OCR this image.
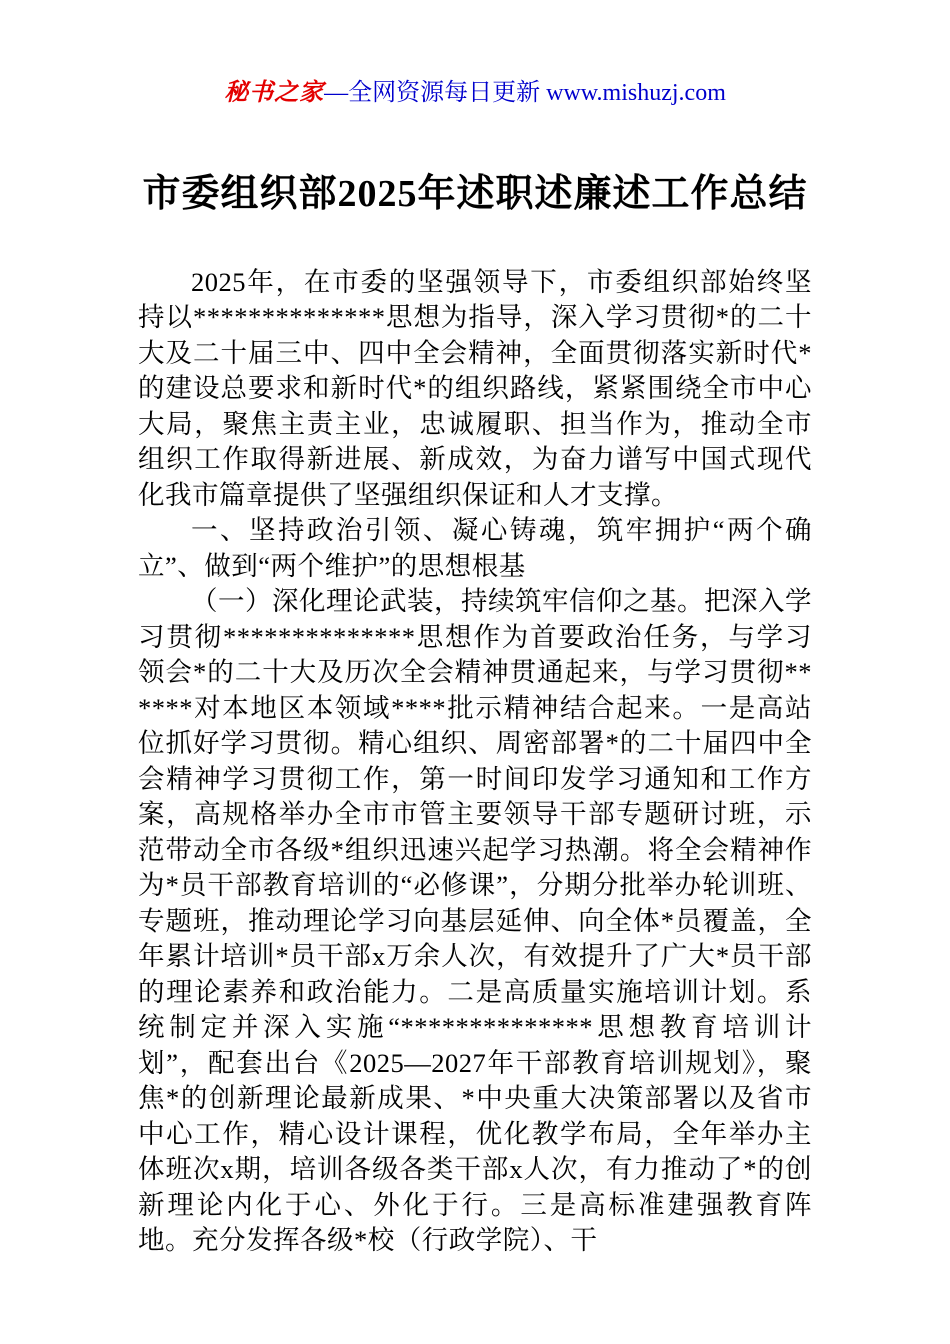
秘书之家—全网资源每日更新 www.mishuzj.com
市委组织部2025年述职述廉述工作总结

2025年，在市委的坚强领导下，市委组织部始终坚持以**************思想为指导，深入学习贯彻*的二十大及二十届三中、四中全会精神，全面贯彻落实新时代*的建设总要求和新时代*的组织路线，紧紧围绕全市中心大局，聚焦主责主业，忠诚履职、担当作为，推动全市组织工作取得新进展、新成效，为奋力谱写中国式现代化我市篇章提供了坚强组织保证和人才支撑。

一、坚持政治引领、凝心铸魂，筑牢拥护“两个确立”、做到“两个维护”的思想根基

（一）深化理论武装，持续筑牢信仰之基。把深入学习贯彻**************思想作为首要政治任务，与学习领会*的二十大及历次全会精神贯通起来，与学习贯彻******对本地区本领域****批示精神结合起来。一是高站位抓好学习贯彻。精心组织、周密部署*的二十届四中全会精神学习贯彻工作，第一时间印发学习通知和工作方案，高规格举办全市市管主要领导干部专题研讨班，示范带动全市各级*组织迅速兴起学习热潮。将全会精神作为*员干部教育培训的“必修课”，分期分批举办轮训班、专题班，推动理论学习向基层延伸、向全体*员覆盖，全年累计培训*员干部x万余人次，有效提升了广大*员干部的理论素养和政治能力。二是高质量实施培训计划。系统制定并深入实施“**************思想教育培训计划”，配套出台《2025—2027年干部教育培训规划》，聚焦*的创新理论最新成果、*中央重大决策部署以及省市中心工作，精心设计课程，优化教学布局，全年举办主体班次x期，培训各级各类干部x人次，有力推动了*的创新理论内化于心、外化于行。三是高标准建强教育阵地。充分发挥各级*校（行政学院）、干
